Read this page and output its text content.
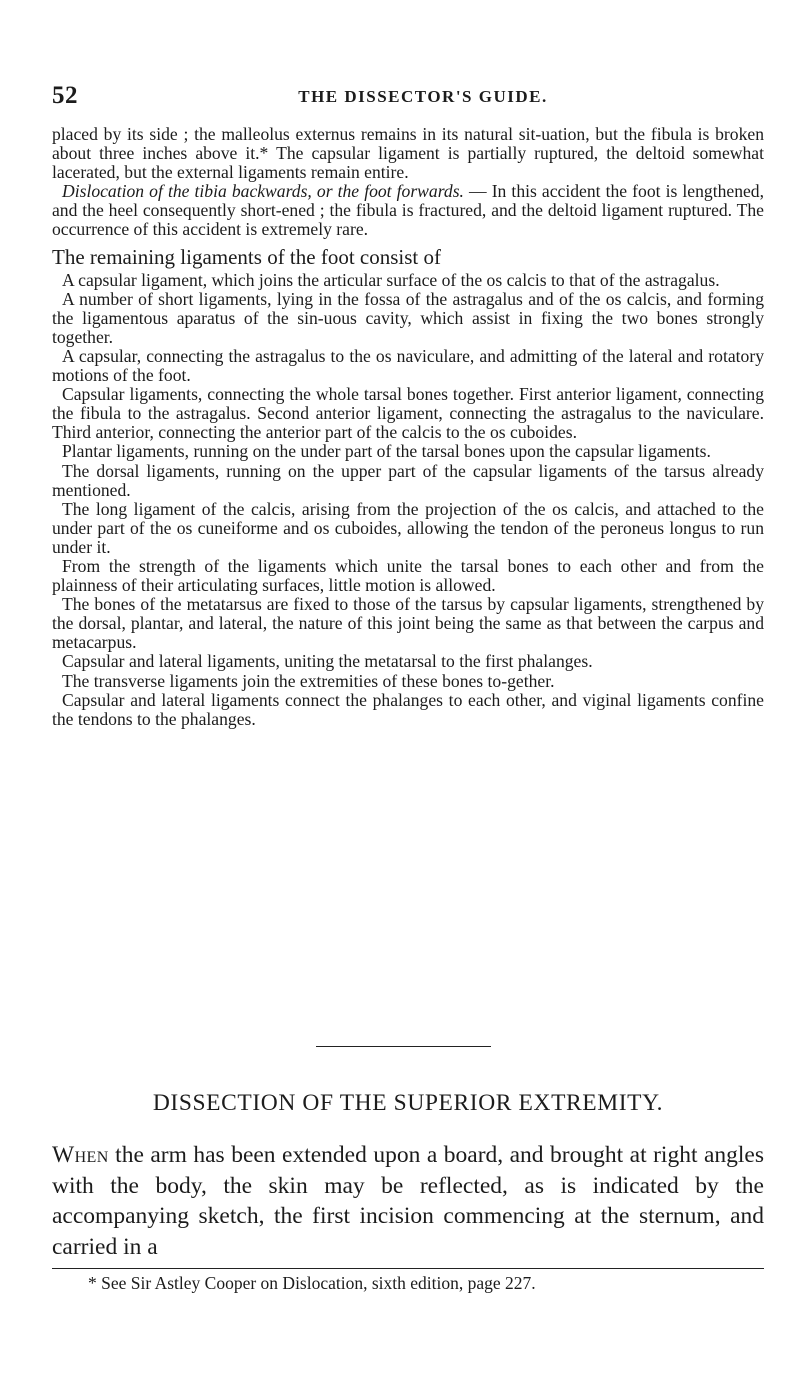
52	THE DISSECTOR'S GUIDE.

placed by its side ; the malleolus externus remains in its natural sit-uation, but the fibula is broken about three inches above it.* The capsular ligament is partially ruptured, the deltoid somewhat lacerated, but the external ligaments remain entire.

Dislocation of the tibia backwards, or the foot forwards. — In this accident the foot is lengthened, and the heel consequently short-ened ; the fibula is fractured, and the deltoid ligament ruptured. The occurrence of this accident is extremely rare.

The remaining ligaments of the foot consist of

A capsular ligament, which joins the articular surface of the os calcis to that of the astragalus.

A number of short ligaments, lying in the fossa of the astragalus and of the os calcis, and forming the ligamentous aparatus of the sin-uous cavity, which assist in fixing the two bones strongly together.

A capsular, connecting the astragalus to the os naviculare, and admitting of the lateral and rotatory motions of the foot.

Capsular ligaments, connecting the whole tarsal bones together. First anterior ligament, connecting the fibula to the astragalus. Second anterior ligament, connecting the astragalus to the naviculare. Third anterior, connecting the anterior part of the calcis to the os cuboides.

Plantar ligaments, running on the under part of the tarsal bones upon the capsular ligaments.

The dorsal ligaments, running on the upper part of the capsular ligaments of the tarsus already mentioned.

The long ligament of the calcis, arising from the projection of the os calcis, and attached to the under part of the os cuneiforme and os cuboides, allowing the tendon of the peroneus longus to run under it.

From the strength of the ligaments which unite the tarsal bones to each other and from the plainness of their articulating surfaces, little motion is allowed.

The bones of the metatarsus are fixed to those of the tarsus by capsular ligaments, strengthened by the dorsal, plantar, and lateral, the nature of this joint being the same as that between the carpus and metacarpus.

Capsular and lateral ligaments, uniting the metatarsal to the first phalanges.

The transverse ligaments join the extremities of these bones to-gether.

Capsular and lateral ligaments connect the phalanges to each other, and viginal ligaments confine the tendons to the phalanges.

DISSECTION OF THE SUPERIOR EXTREMITY.

When the arm has been extended upon a board, and brought at right angles with the body, the skin may be reflected, as is indicated by the accompanying sketch, the first incision commencing at the sternum, and carried in a

* See Sir Astley Cooper on Dislocation, sixth edition, page 227.
